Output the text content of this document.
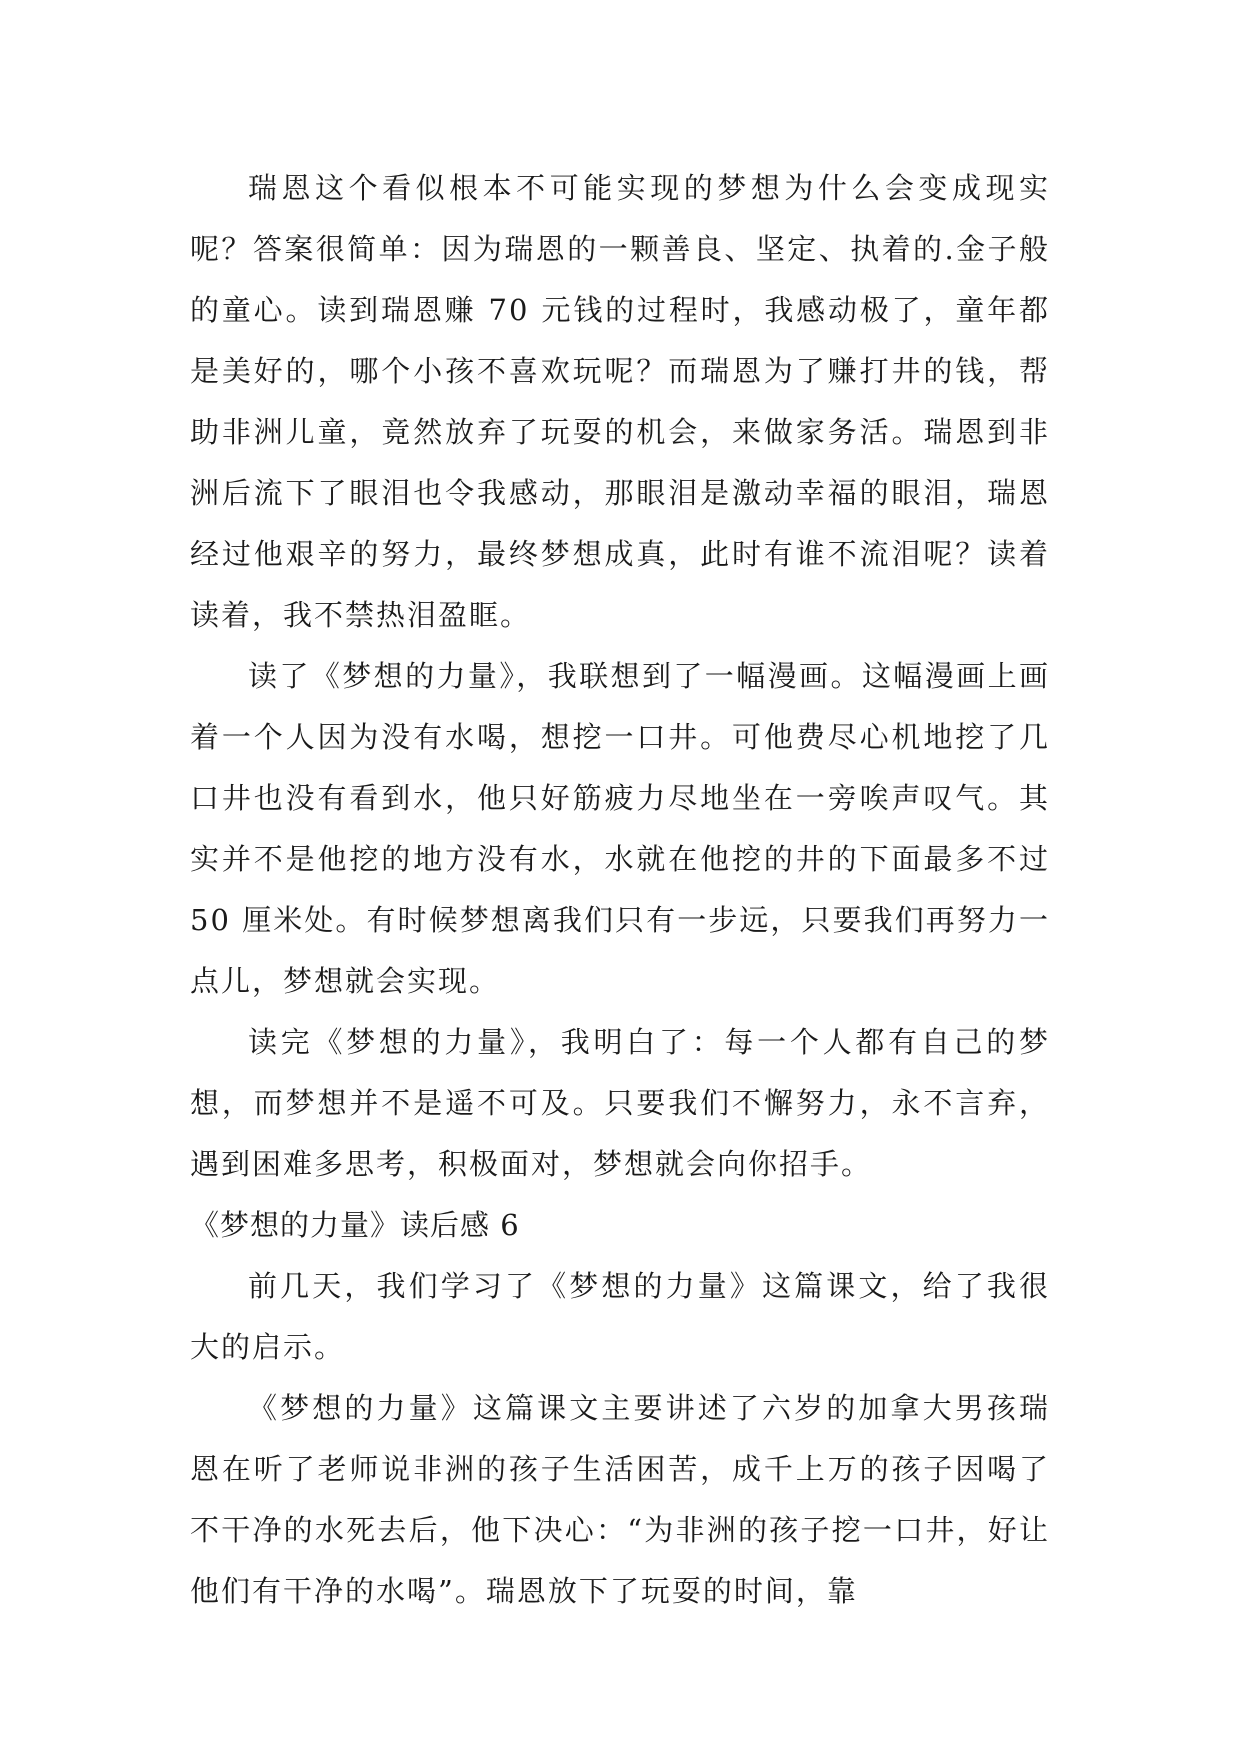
瑞恩这个看似根本不可能实现的梦想为什么会变成现实呢？答案很简单：因为瑞恩的一颗善良、坚定、执着的.金子般的童心。读到瑞恩赚 70 元钱的过程时，我感动极了，童年都是美好的，哪个小孩不喜欢玩呢？而瑞恩为了赚打井的钱，帮助非洲儿童，竟然放弃了玩耍的机会，来做家务活。瑞恩到非洲后流下了眼泪也令我感动，那眼泪是激动幸福的眼泪，瑞恩经过他艰辛的努力，最终梦想成真，此时有谁不流泪呢？读着读着，我不禁热泪盈眶。

读了《梦想的力量》，我联想到了一幅漫画。这幅漫画上画着一个人因为没有水喝，想挖一口井。可他费尽心机地挖了几口井也没有看到水，他只好筋疲力尽地坐在一旁唉声叹气。其实并不是他挖的地方没有水，水就在他挖的井的下面最多不过 50 厘米处。有时候梦想离我们只有一步远，只要我们再努力一点儿，梦想就会实现。

读完《梦想的力量》，我明白了：每一个人都有自己的梦想，而梦想并不是遥不可及。只要我们不懈努力，永不言弃，遇到困难多思考，积极面对，梦想就会向你招手。

《梦想的力量》读后感 6

前几天，我们学习了《梦想的力量》这篇课文，给了我很大的启示。

《梦想的力量》这篇课文主要讲述了六岁的加拿大男孩瑞恩在听了老师说非洲的孩子生活困苦，成千上万的孩子因喝了不干净的水死去后，他下决心：“为非洲的孩子挖一口井，好让他们有干净的水喝”。瑞恩放下了玩耍的时间，靠
